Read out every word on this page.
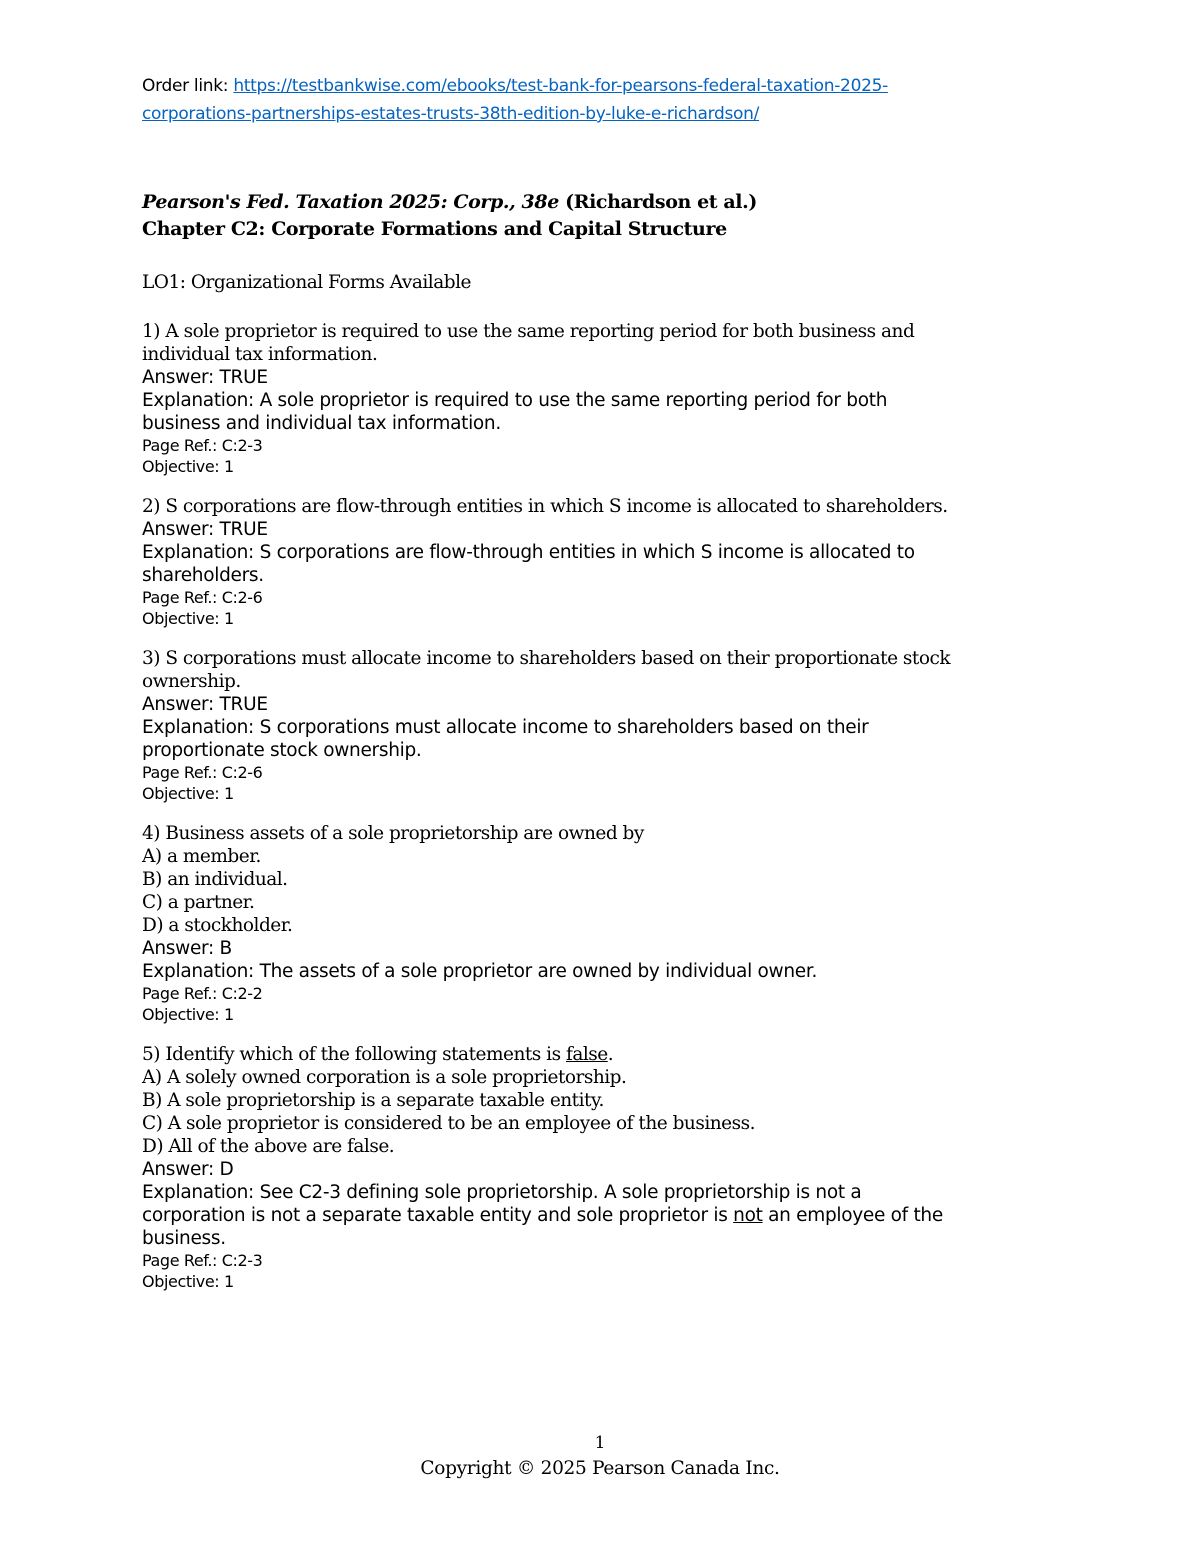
Order link: https://testbankwise.com/ebooks/test-bank-for-pearsons-federal-taxation-2025-
corporations-partnerships-estates-trusts-38th-edition-by-luke-e-richardson/
Pearson's Fed. Taxation 2025: Corp., 38e (Richardson et al.)
Chapter C2: Corporate Formations and Capital Structure
LO1: Organizational Forms Available
1) A sole proprietor is required to use the same reporting period for both business and
individual tax information.
Answer: TRUE
Explanation: A sole proprietor is required to use the same reporting period for both
business and individual tax information.
Page Ref.: C:2-3
Objective: 1
2) S corporations are flow-through entities in which S income is allocated to shareholders.
Answer: TRUE
Explanation: S corporations are flow-through entities in which S income is allocated to
shareholders.
Page Ref.: C:2-6
Objective: 1
3) S corporations must allocate income to shareholders based on their proportionate stock
ownership.
Answer: TRUE
Explanation: S corporations must allocate income to shareholders based on their
proportionate stock ownership.
Page Ref.: C:2-6
Objective: 1
4) Business assets of a sole proprietorship are owned by
A) a member.
B) an individual.
C) a partner.
D) a stockholder.
Answer: B
Explanation: The assets of a sole proprietor are owned by individual owner.
Page Ref.: C:2-2
Objective: 1
5) Identify which of the following statements is false.
A) A solely owned corporation is a sole proprietorship.
B) A sole proprietorship is a separate taxable entity.
C) A sole proprietor is considered to be an employee of the business.
D) All of the above are false.
Answer: D
Explanation: See C2-3 defining sole proprietorship. A sole proprietorship is not a
corporation is not a separate taxable entity and sole proprietor is not an employee of the
business.
Page Ref.: C:2-3
Objective: 1
1
Copyright © 2025 Pearson Canada Inc.
